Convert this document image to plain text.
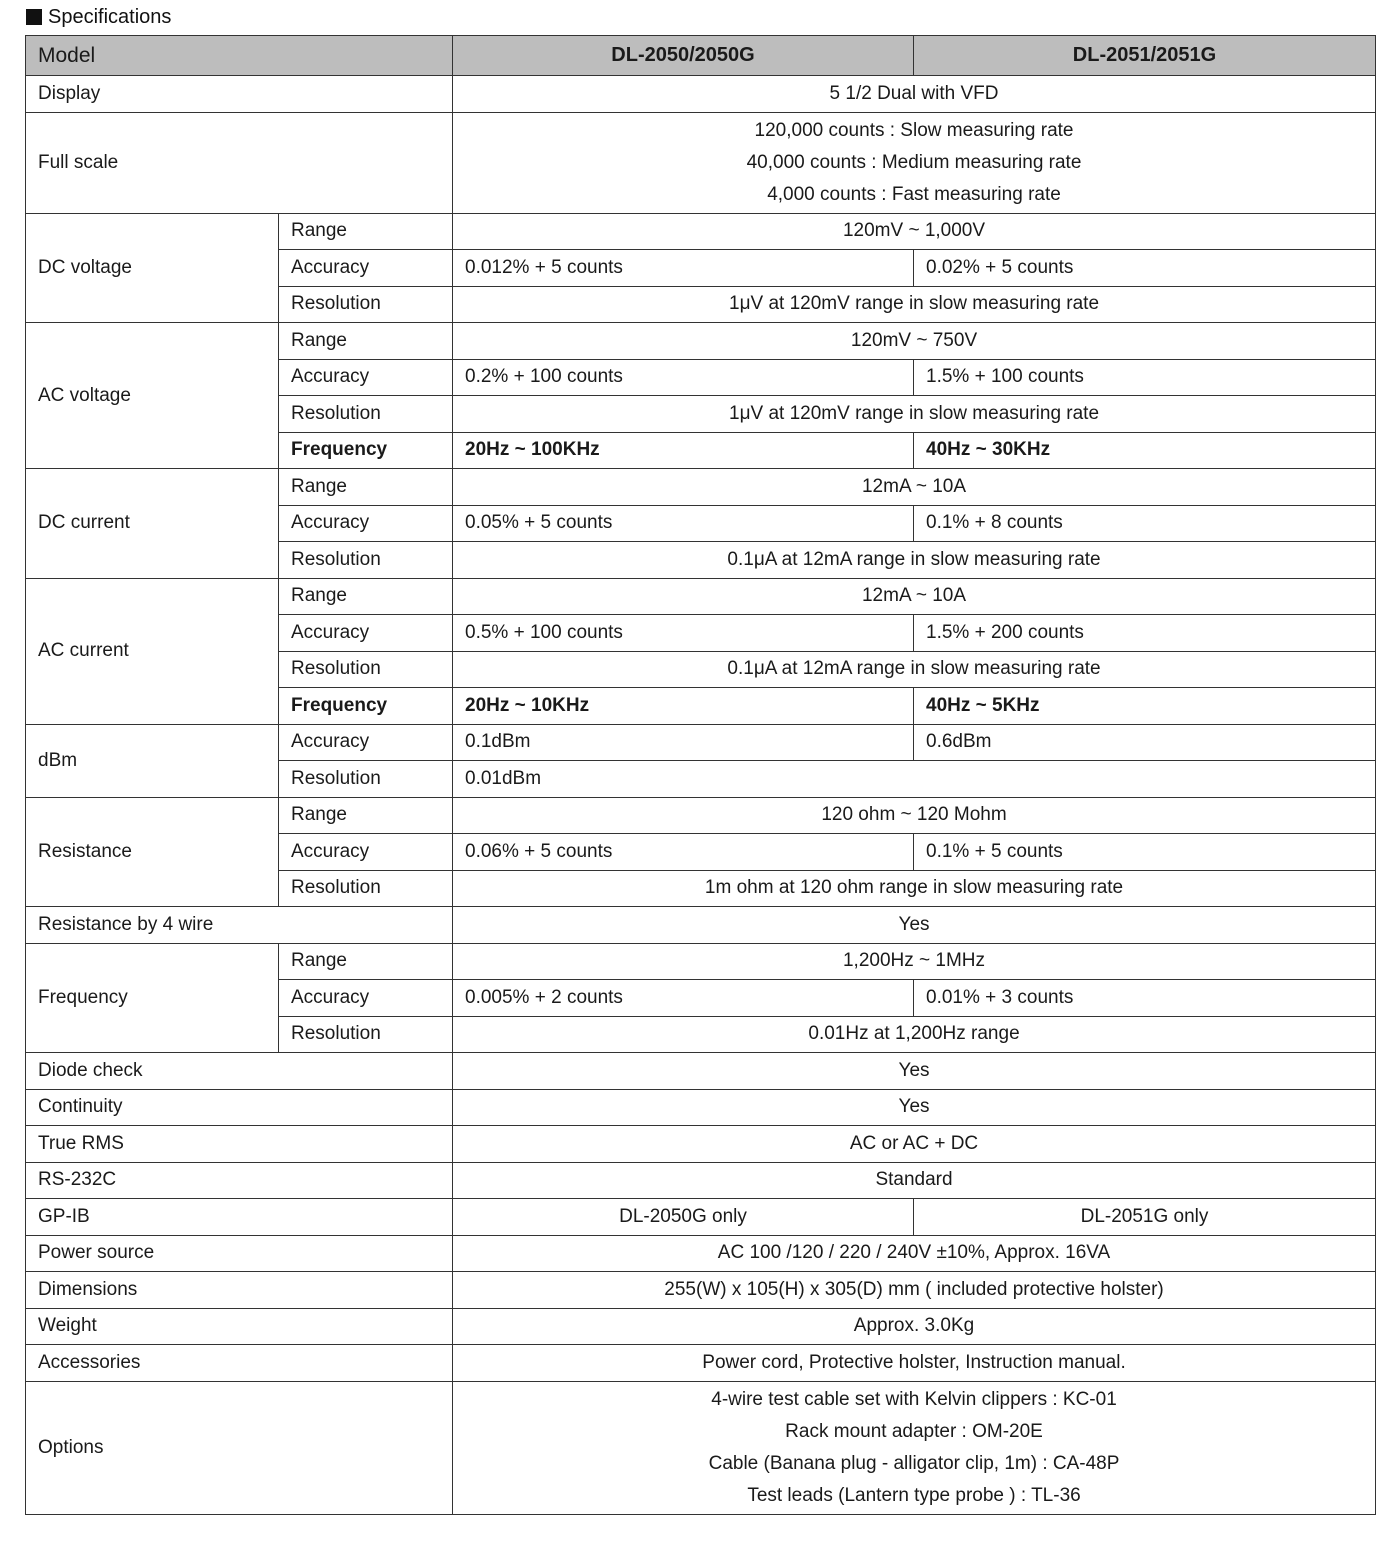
Specifications
Model		DL-2050/2050G	DL-2051/2051G
Display		5 1/2 Dual with VFD	
Full scale		120,000 counts : Slow measuring rate
40,000 counts : Medium measuring rate
4,000 counts : Fast measuring rate	

DC voltage	Range	120mV ~ 1,000V	
	Accuracy	0.012% + 5 counts	0.02% + 5 counts
	Resolution	1μV at 120mV range in slow measuring rate	
AC voltage	Range	120mV ~ 750V	
	Accuracy	0.2% + 100 counts	1.5% + 100 counts
	Resolution	1μV at 120mV range in slow measuring rate	
	Frequency	20Hz ~ 100KHz	40Hz ~ 30KHz
DC current	Range	12mA ~ 10A	
	Accuracy	0.05% + 5 counts	0.1% + 8 counts
	Resolution	0.1μA at 12mA range in slow measuring rate	
AC current	Range	12mA ~ 10A	
	Accuracy	0.5% + 100 counts	1.5% + 200 counts
	Resolution	0.1μA at 12mA range in slow measuring rate	
	Frequency	20Hz ~ 10KHz	40Hz ~ 5KHz
dBm	Accuracy	0.1dBm	0.6dBm
	Resolution	0.01dBm	
Resistance	Range	120 ohm ~ 120 Mohm	
	Accuracy	0.06% + 5 counts	0.1% + 5 counts
	Resolution	1m ohm at 120 ohm range in slow measuring rate	
Resistance by 4 wire		Yes	
Frequency	Range	1,200Hz ~ 1MHz	
	Accuracy	0.005% + 2 counts	0.01% + 3 counts
	Resolution	0.01Hz at 1,200Hz range	
Diode check		Yes	
Continuity		Yes	
True RMS		AC or AC + DC	
RS-232C		Standard	
GP-IB		DL-2050G only	DL-2051G only
Power source		AC 100 /120 / 220 / 240V ±10%, Approx. 16VA	
Dimensions		255(W) x 105(H) x 305(D) mm ( included protective holster)	
Weight		Approx. 3.0Kg	
Accessories		Power cord, Protective holster, Instruction manual.	
Options		4-wire test cable set with Kelvin clippers : KC-01
Rack mount adapter : OM-20E
Cable (Banana plug - alligator clip, 1m) : CA-48P
Test leads (Lantern type probe ) : TL-36	
